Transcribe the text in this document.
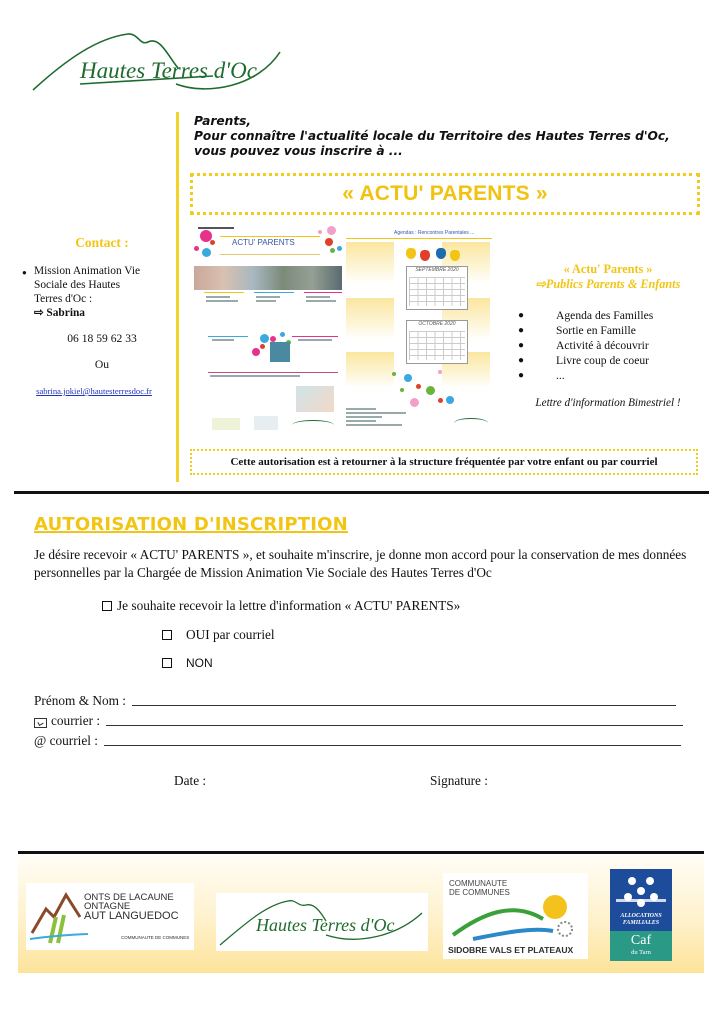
Hautes Terres d'Oc
Parents,
Pour connaître l'actualité locale du Territoire des Hautes Terres d'Oc,
vous pouvez vous inscrire à ...
« ACTU' PARENTS »
Contact :
● Mission Animation Vie
Sociale des Hautes
Terres d'Oc :
⇨ Sabrina
06 18 59 62 33
Ou
sabrina.jokiel@hautesterresdoc.fr
ACTU' PARENTS
Agendas : Rencontres Parentales ...
SEPTEMBRE 2020
OCTOBRE 2020
« Actu' Parents »
⇨Publics Parents & Enfants
●	Agenda des Familles
●	Sortie en Famille
●	Activité à découvrir
●	Livre coup de coeur
●	...
Lettre d'information Bimestriel !
Cette autorisation est à retourner à la structure fréquentée par votre enfant ou par courriel
AUTORISATION D'INSCRIPTION
Je désire recevoir « ACTU' PARENTS », et souhaite m'inscrire, je donne mon accord pour la conservation de mes données personnelles par la Chargée de Mission Animation Vie Sociale des Hautes Terres d'Oc
Je souhaite recevoir la lettre d'information « ACTU' PARENTS»
OUI par courriel
NON
Prénom & Nom :
courrier :
@ courriel :
Date :	Signature :
ONTS DE LACAUNE
ONTAGNE
AUT LANGUEDOC
COMMUNAUTE DE COMMUNES
Hautes Terres d'Oc
COMMUNAUTE
DE COMMUNES
SIDOBRE VALS ET PLATEAUX
ALLOCATIONS
FAMILIALES
Caf
du Tarn
